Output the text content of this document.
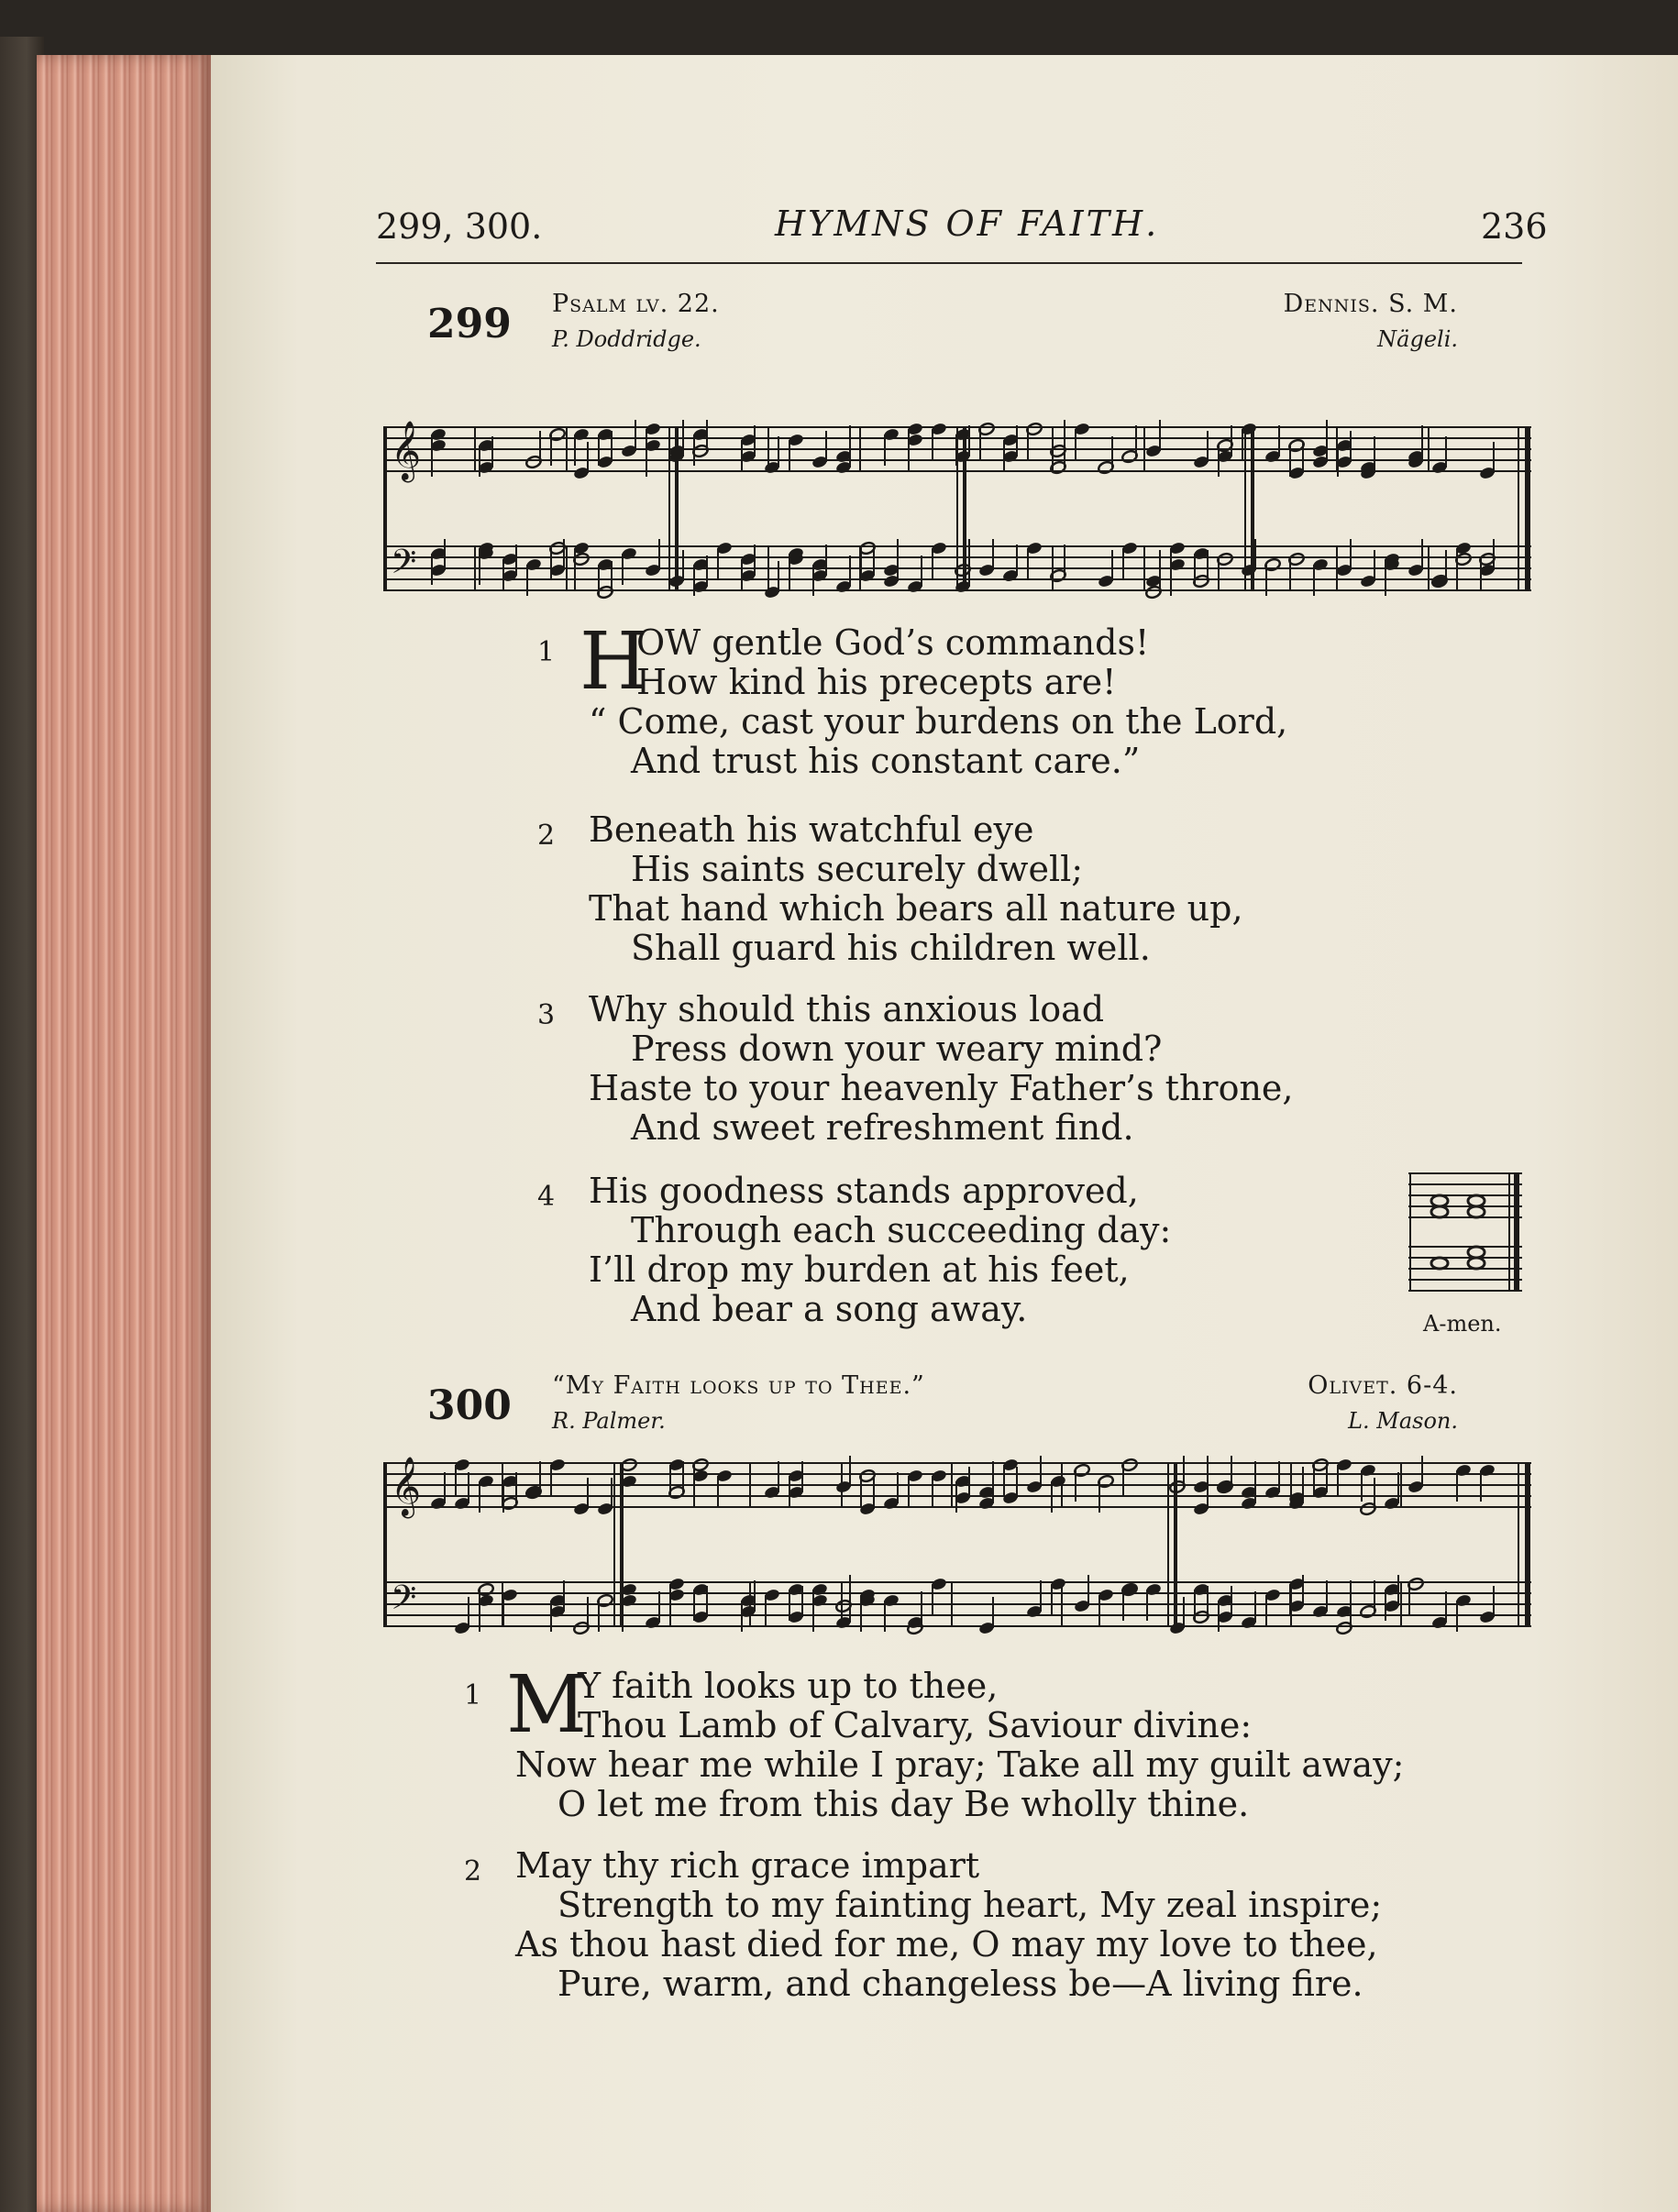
299, 300.	HYMNS OF FAITH.	236
299 Psalm lv. 22.	Dennis. S. M.
P. Doddridge.	Nägeli.
𝄞
𝄢
1 H
OW gentle God’s commands!
How kind his precepts are!
“ Come, cast your burdens on the Lord,
And trust his constant care.”
2 Beneath his watchful eye
His saints securely dwell;
That hand which bears all nature up,
Shall guard his children well.
3 Why should this anxious load
Press down your weary mind?
Haste to your heavenly Father’s throne,
And sweet refreshment find.
4 His goodness stands approved,
Through each succeeding day:
I’ll drop my burden at his feet,
And bear a song away.	A-men.
300 “My Faith looks up to Thee.”	Olivet. 6-4.
R. Palmer.	L. Mason.
𝄞
𝄢
1 M
Y faith looks up to thee,
Thou Lamb of Calvary, Saviour divine:
Now hear me while I pray; Take all my guilt away;
O let me from this day Be wholly thine.
2 May thy rich grace impart
Strength to my fainting heart, My zeal inspire;
As thou hast died for me, O may my love to thee,
Pure, warm, and changeless be—A living fire.
